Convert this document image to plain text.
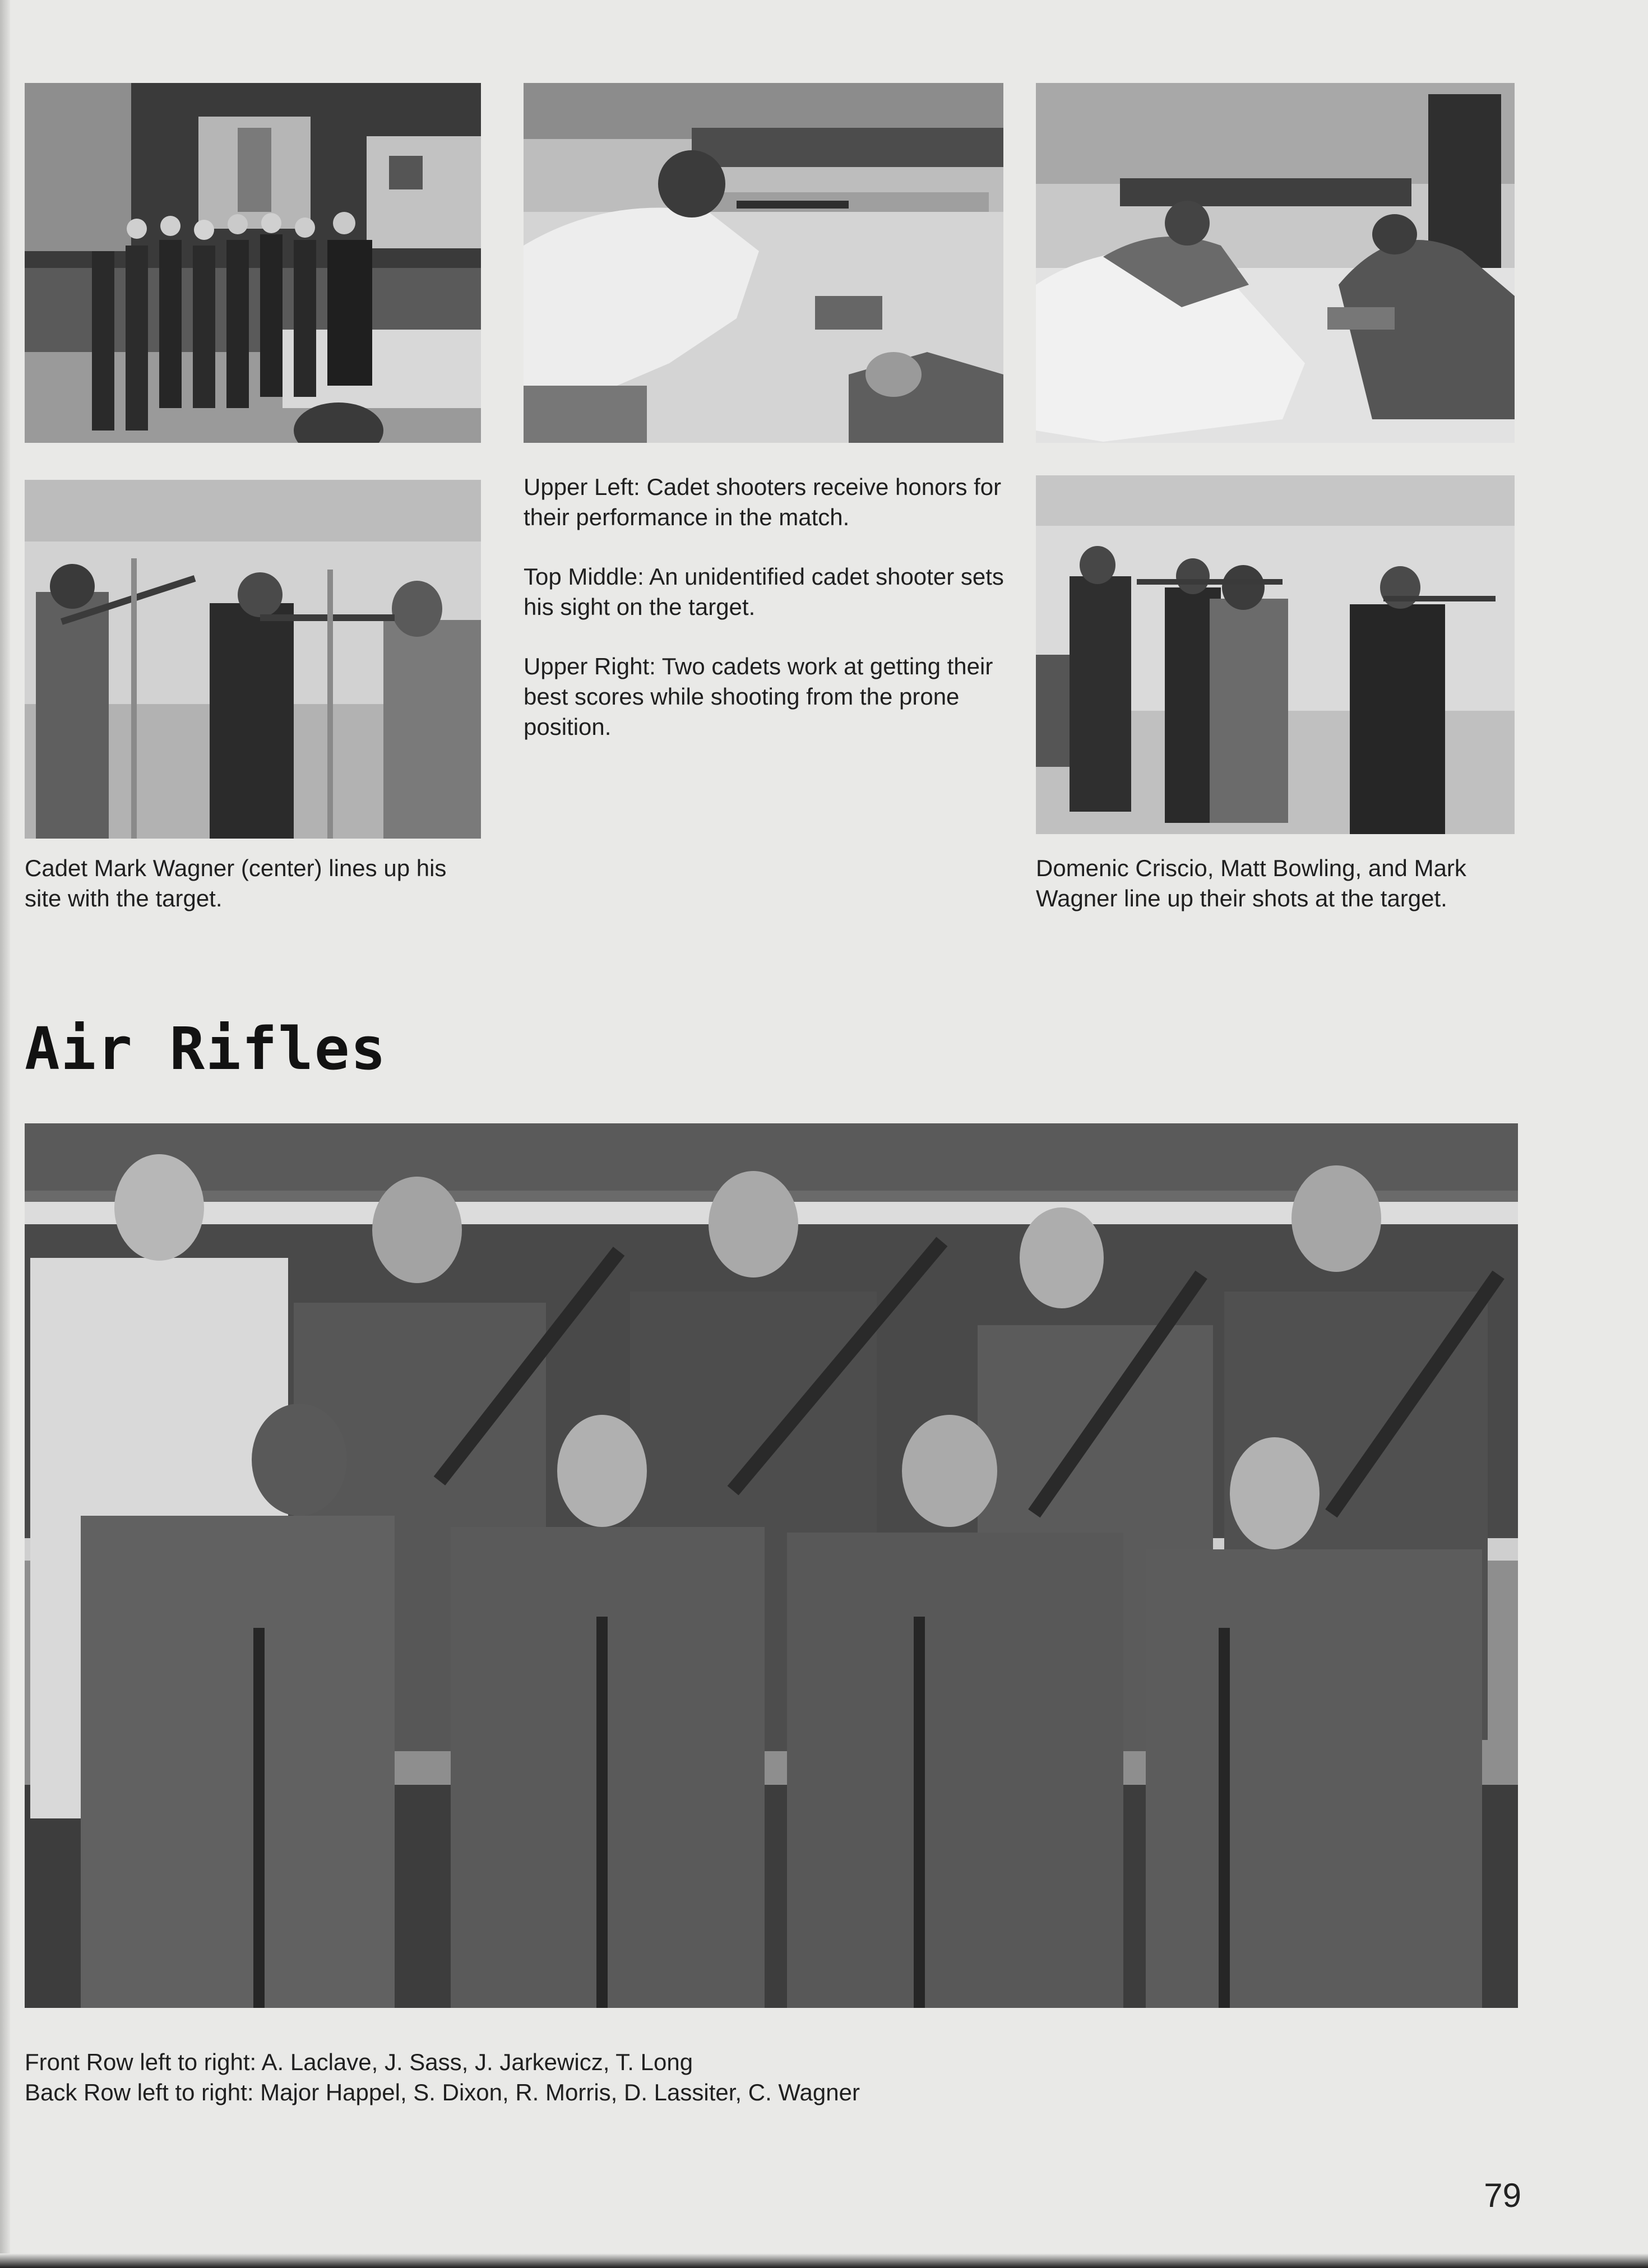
Upper Left: Cadet shooters receive honors for their performance in the match.

Top Middle: An unidentified cadet shooter sets his sight on the target.

Upper Right: Two cadets work at getting their best scores while shooting from the prone position.

Cadet Mark Wagner (center) lines up his site with the target.
Domenic Criscio, Matt Bowling, and Mark Wagner line up their shots at the target.
Air Rifles
Front Row left to right: A. Laclave, J. Sass, J. Jarkewicz, T. Long
Back Row left to right: Major Happel, S. Dixon, R. Morris, D. Lassiter, C. Wagner
79
